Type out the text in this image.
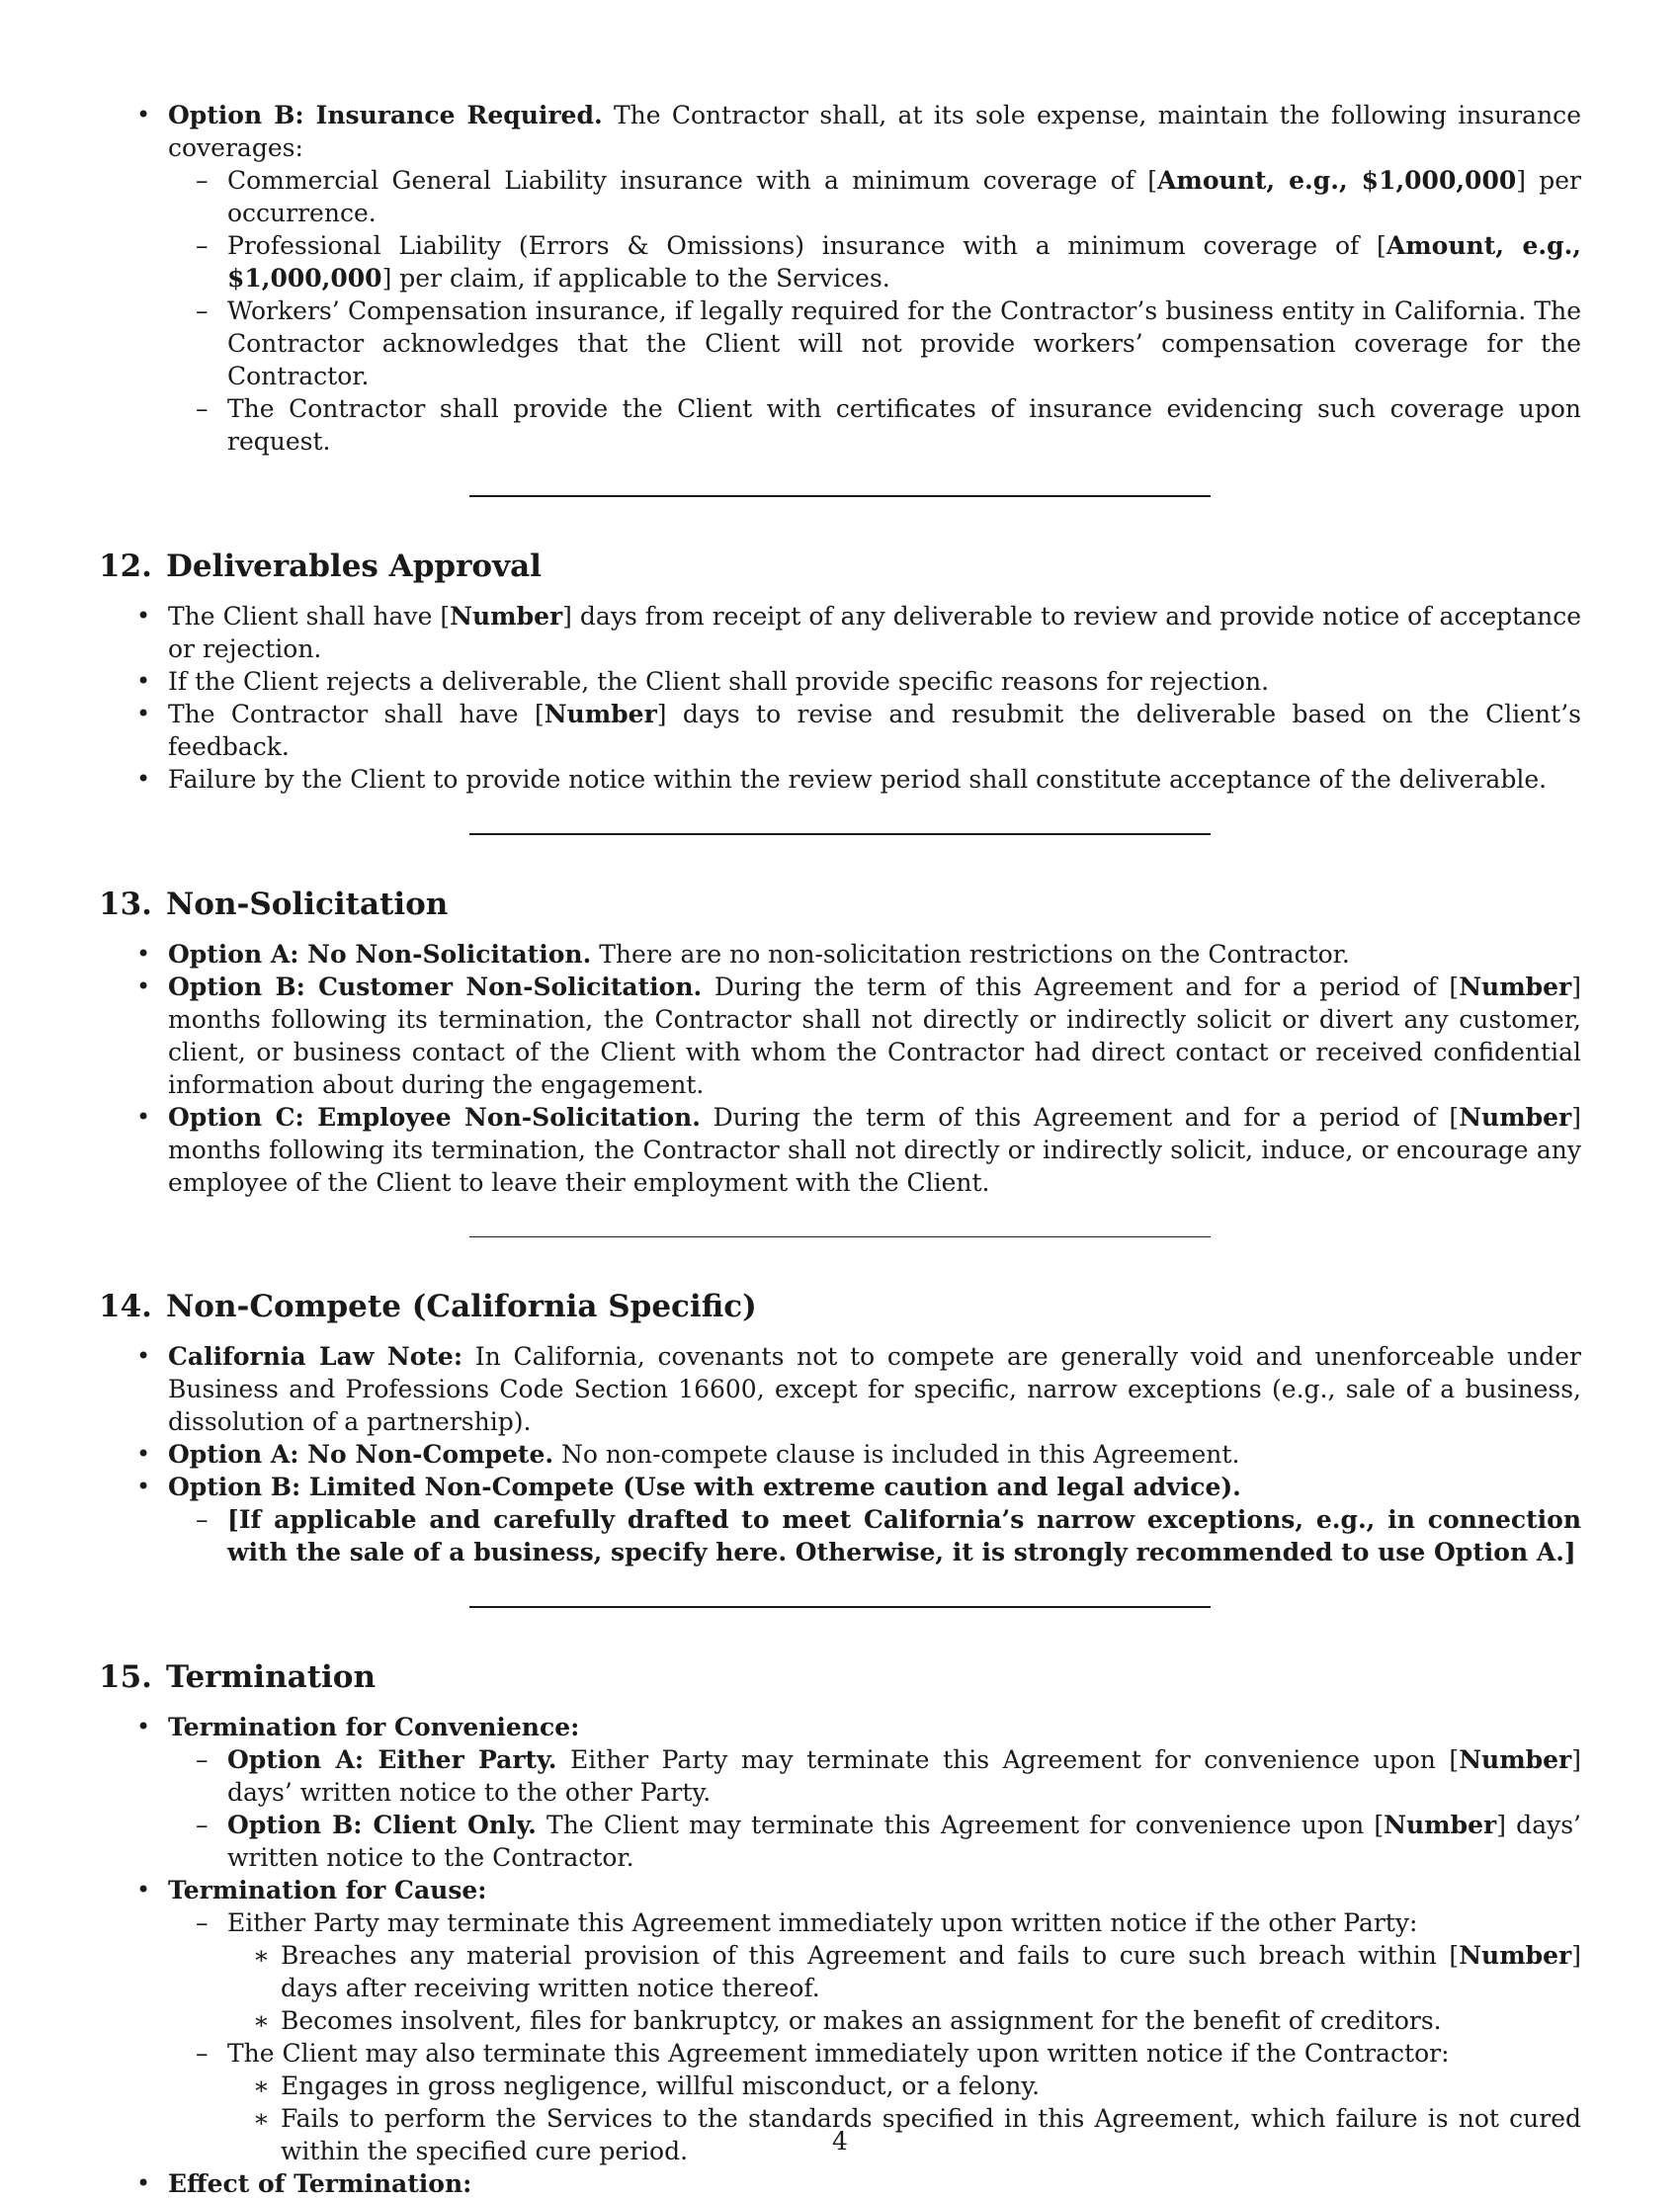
• Option B: Insurance Required. The Contractor shall, at its sole expense, maintain the following insurance coverages:
– Commercial General Liability insurance with a minimum coverage of [Amount, e.g., $1,000,000] per occurrence.
– Professional Liability (Errors & Omissions) insurance with a minimum coverage of [Amount, e.g., $1,000,000] per claim, if applicable to the Services.
– Workers’ Compensation insurance, if legally required for the Contractor’s business entity in California. The Contractor acknowledges that the Client will not provide workers’ compensation coverage for the Contractor.
– The Contractor shall provide the Client with certificates of insurance evidencing such coverage upon request.
12. Deliverables Approval
• The Client shall have [Number] days from receipt of any deliverable to review and provide notice of acceptance or rejection.
• If the Client rejects a deliverable, the Client shall provide specific reasons for rejection.
• The Contractor shall have [Number] days to revise and resubmit the deliverable based on the Client’s feedback.
• Failure by the Client to provide notice within the review period shall constitute acceptance of the deliverable.
13. Non-Solicitation
• Option A: No Non-Solicitation. There are no non-solicitation restrictions on the Contractor.
• Option B: Customer Non-Solicitation. During the term of this Agreement and for a period of [Number] months following its termination, the Contractor shall not directly or indirectly solicit or divert any customer, client, or business contact of the Client with whom the Contractor had direct contact or received confidential information about during the engagement.
• Option C: Employee Non-Solicitation. During the term of this Agreement and for a period of [Number] months following its termination, the Contractor shall not directly or indirectly solicit, induce, or encourage any employee of the Client to leave their employment with the Client.
14. Non-Compete (California Specific)
• California Law Note: In California, covenants not to compete are generally void and unenforceable under Business and Professions Code Section 16600, except for specific, narrow exceptions (e.g., sale of a business, dissolution of a partnership).
• Option A: No Non-Compete. No non-compete clause is included in this Agreement.
• Option B: Limited Non-Compete (Use with extreme caution and legal advice).
– [If applicable and carefully drafted to meet California’s narrow exceptions, e.g., in connection with the sale of a business, specify here. Otherwise, it is strongly recommended to use Option A.]
15. Termination
• Termination for Convenience:
– Option A: Either Party. Either Party may terminate this Agreement for convenience upon [Number] days’ written notice to the other Party.
– Option B: Client Only. The Client may terminate this Agreement for convenience upon [Number] days’ written notice to the Contractor.
• Termination for Cause:
– Either Party may terminate this Agreement immediately upon written notice if the other Party:
∗ Breaches any material provision of this Agreement and fails to cure such breach within [Number] days after receiving written notice thereof.
∗ Becomes insolvent, files for bankruptcy, or makes an assignment for the benefit of creditors.
– The Client may also terminate this Agreement immediately upon written notice if the Contractor:
∗ Engages in gross negligence, willful misconduct, or a felony.
∗ Fails to perform the Services to the standards specified in this Agreement, which failure is not cured within the specified cure period.
• Effect of Termination:
4
